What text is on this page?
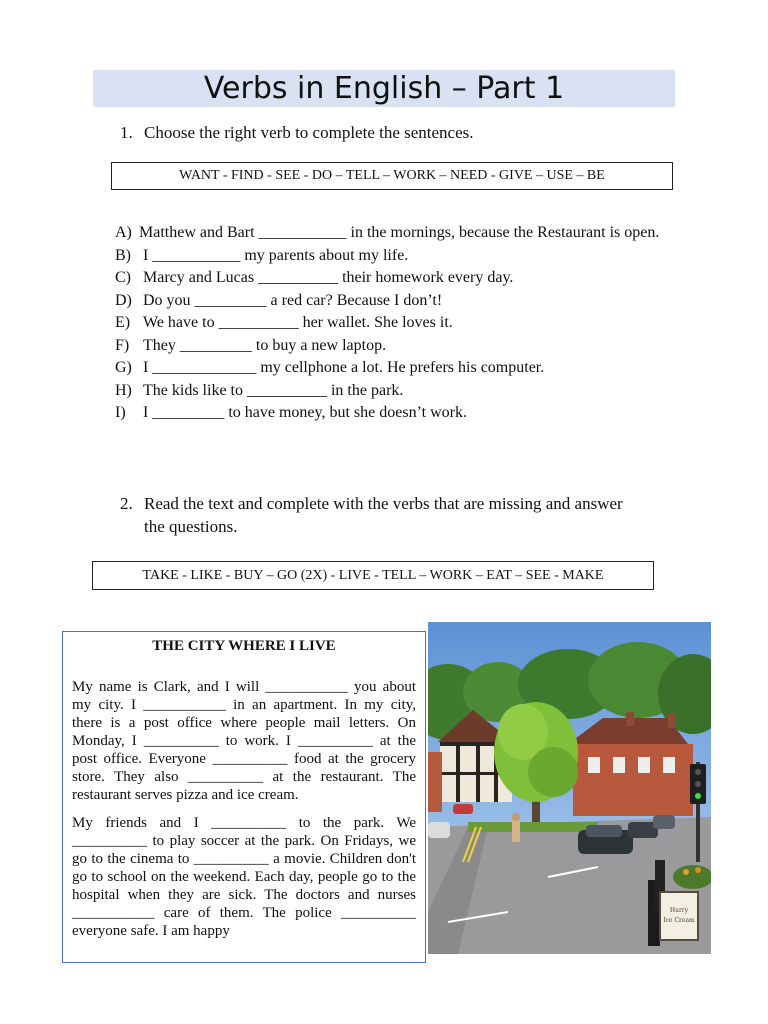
Verbs in English – Part 1
1. Choose the right verb to complete the sentences.
WANT - FIND - SEE - DO – TELL – WORK – NEED - GIVE – USE – BE
A) Matthew and Bart ___________ in the mornings, because the Restaurant is open.
B) I ___________ my parents about my life.
C) Marcy and Lucas __________ their homework every day.
D) Do you _________ a red car? Because I don’t!
E) We have to __________ her wallet. She loves it.
F) They _________ to buy a new laptop.
G) I _____________ my cellphone a lot. He prefers his computer.
H) The kids like to __________ in the park.
I) I _________ to have money, but she doesn’t work.
2. Read the text and complete with the verbs that are missing and answer the questions.
TAKE - LIKE - BUY – GO (2X) - LIVE - TELL – WORK – EAT – SEE - MAKE
THE CITY WHERE I LIVE

My name is Clark, and I will ___________ you about my city. I ___________ in an apartment. In my city, there is a post office where people mail letters. On Monday, I __________ to work. I __________ at the post office. Everyone __________ food at the grocery store. They also __________ at the restaurant. The restaurant serves pizza and ice cream.

My friends and I __________ to the park. We __________ to play soccer at the park. On Fridays, we go to the cinema to __________ a movie. Children don't go to school on the weekend. Each day, people go to the hospital when they are sick. The doctors and nurses ___________ care of them. The police __________ everyone safe. I am happy

Hurry
Ice Cream
